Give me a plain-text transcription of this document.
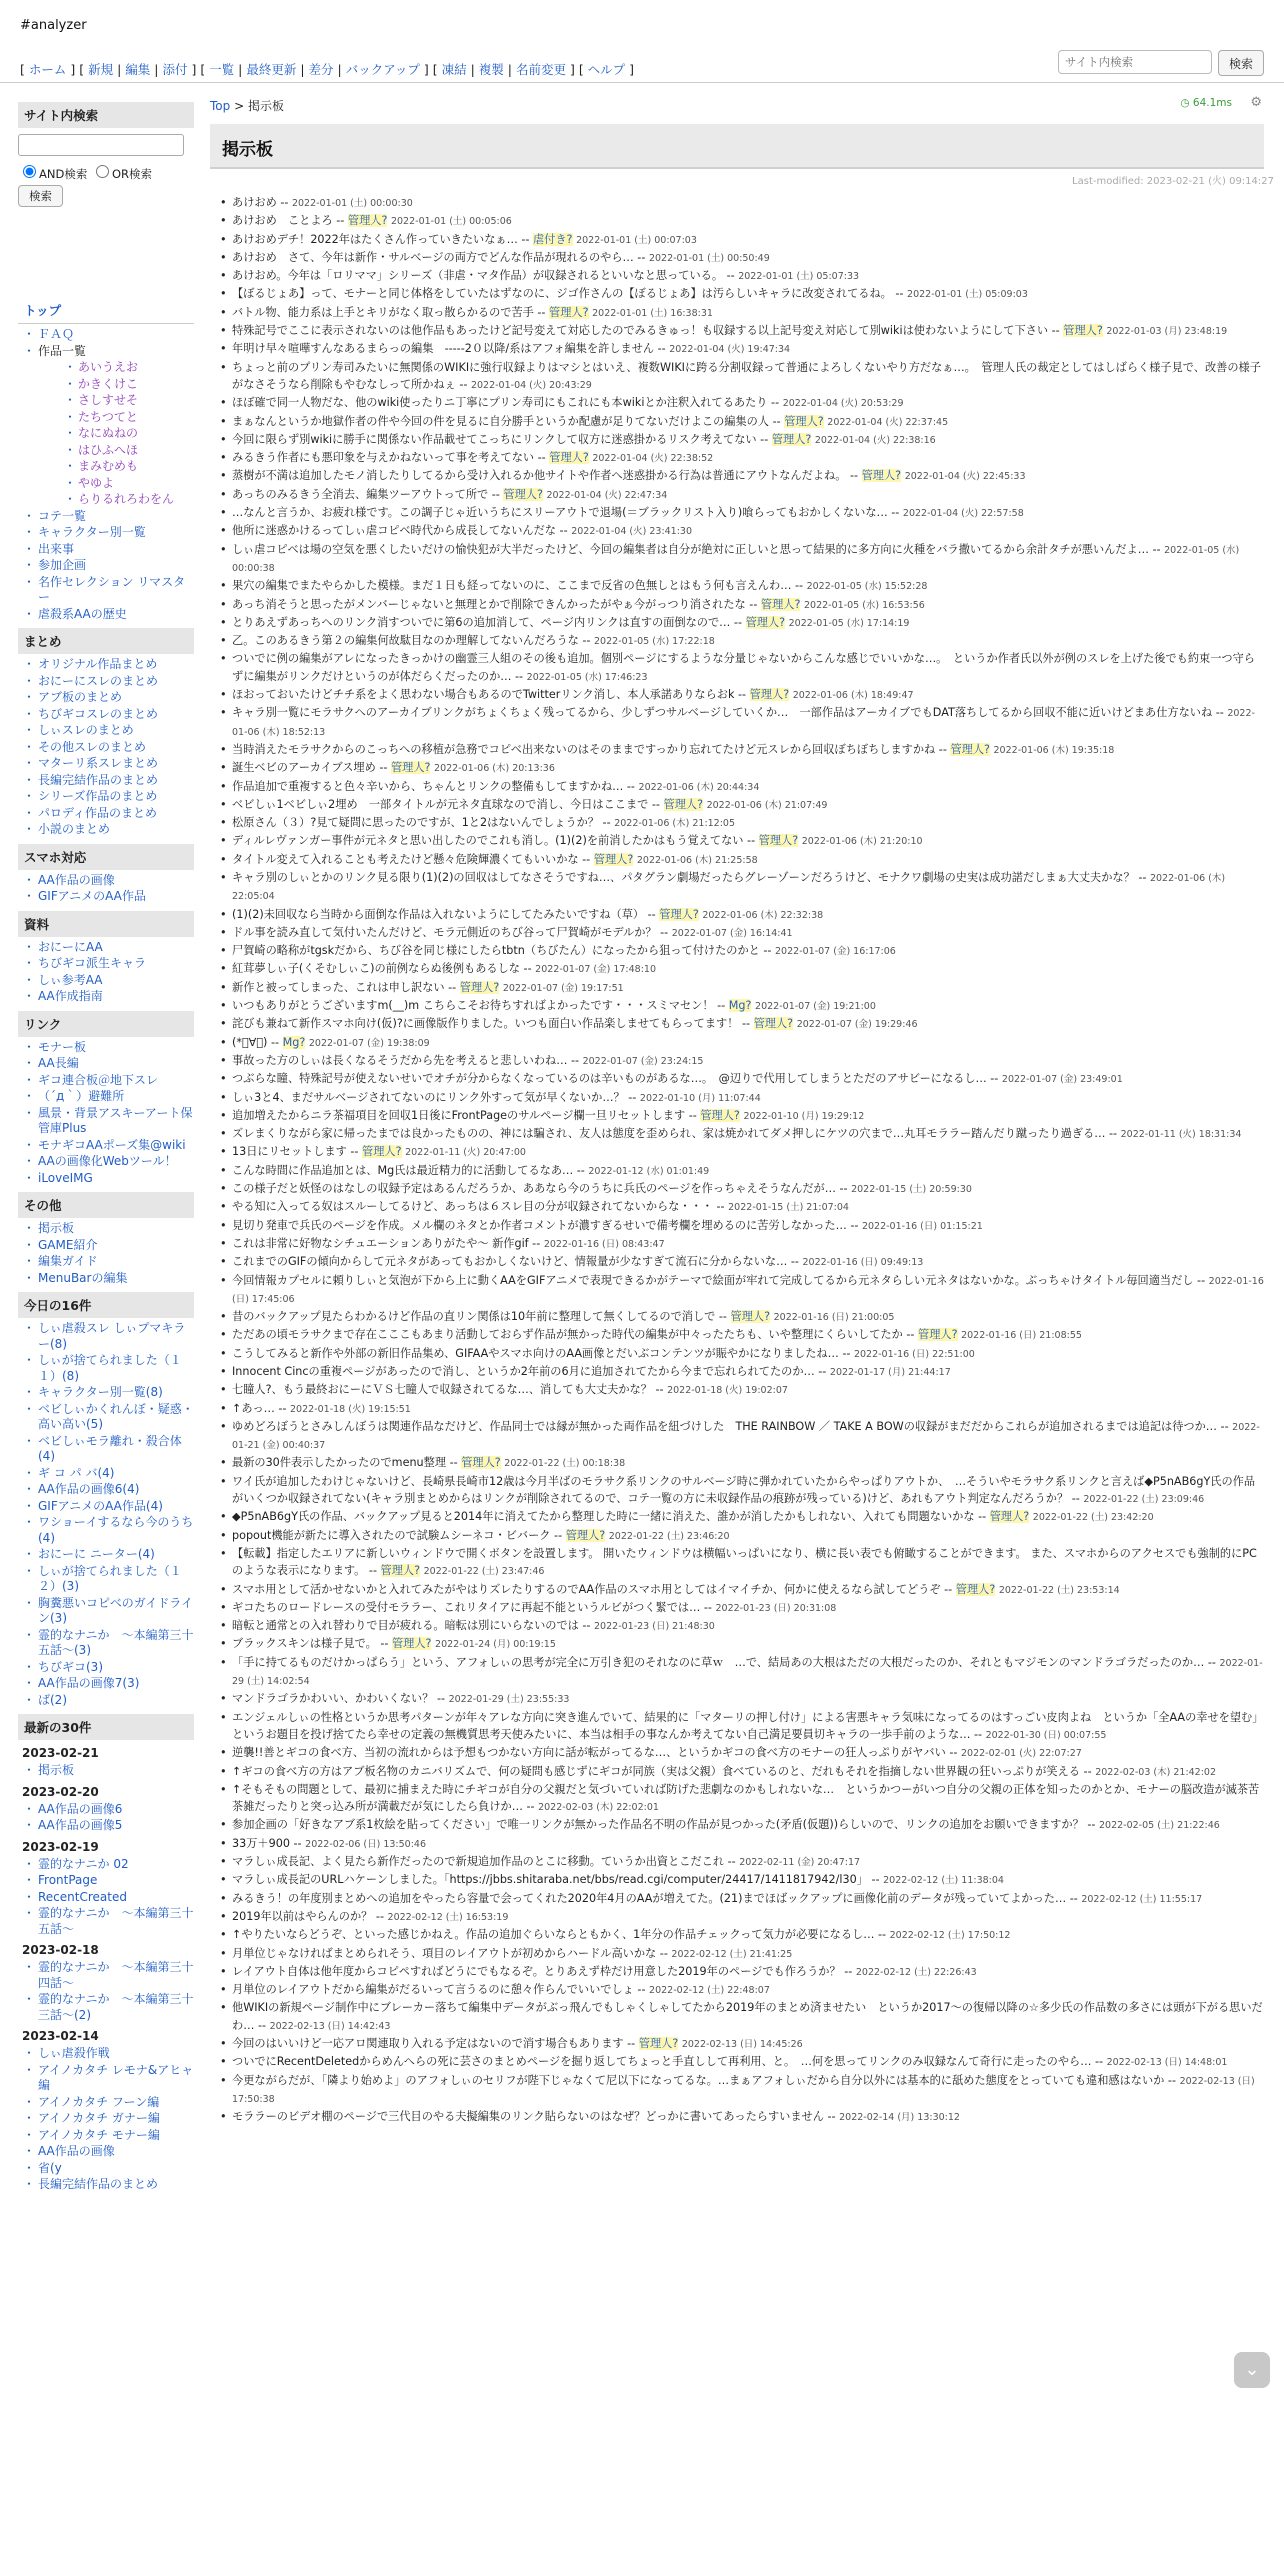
#analyzer
[ ホーム ] [ 新規 | 編集 | 添付 ] [ 一覧 | 最終更新 | 差分 | バックアップ ] [ 凍結 | 複製 | 名前変更 ] [ ヘルプ ]
サイト内検索	検索
サイト内検索
AND検索 OR検索
検索
トップ
・ ＦＡＱ
・ 作品一覧
・ あいうえお
・ かきくけこ
・ さしすせそ
・ たちつてと
・ なにぬねの
・ はひふへほ
・ まみむめも
・ やゆよ
・ らりるれろわをん
・ コテ一覧
・ キャラクター別一覧
・ 出来事
・ 参加企画
・ 名作セレクション リマスター
・ 虐殺系AAの歴史
まとめ
・ オリジナル作品まとめ
・ おにーにスレのまとめ
・ アブ板のまとめ
・ ちびギコスレのまとめ
・ しぃスレのまとめ
・ その他スレのまとめ
・ マターリ系スレまとめ
・ 長編完結作品のまとめ
・ シリーズ作品のまとめ
・ パロディ作品のまとめ
・ 小説のまとめ
スマホ対応
・ AA作品の画像
・ GIFアニメのAA作品
資料
・ おにーにAA
・ ちびギコ派生キャラ
・ しぃ参考AA
・ AA作成指南
リンク
・ モナー板
・ AA長編
・ ギコ連合板＠地下スレ
・ （´д｀）避難所
・ 風景・背景アスキーアート保管庫Plus
・ モナギコAAポーズ集@wiki
・ AAの画像化Webツール！
・ iLoveIMG
その他
・ 掲示板
・ GAME紹介
・ 編集ガイド
・ MenuBarの編集
今日の16件
・ しぃ虐殺スレ しぃプマキラー(8)
・ しぃが捨てられました（１１）(8)
・ キャラクター別一覧(8)
・ ベビしぃかくれんぼ・疑惑・高い高い(5)
・ ベビしぃモラ離れ・殺合体(4)
・ ギ コ パ バ(4)
・ AA作品の画像6(4)
・ GIFアニメのAA作品(4)
・ ワショーイするなら今のうち(4)
・ おにーに ニーター(4)
・ しぃが捨てられました（１２）(3)
・ 胸糞悪いコピベのガイドライン(3)
・ 霊的なナニか　～本編第三十五話～(3)
・ ちびギコ(3)
・ AA作品の画像7(3)
・ ば(2)
最新の30件
2023-02-21
・ 掲示板
2023-02-20
・ AA作品の画像6
・ AA作品の画像5
2023-02-19
・ 霊的なナニか 02
・ FrontPage
・ RecentCreated
・ 霊的なナニか　～本編第三十五話～
2023-02-18
・ 霊的なナニか　～本編第三十四話～
・ 霊的なナニか　～本編第三十三話～(2)
2023-02-14
・ しぃ虐殺作戦
・ アイノカタチ レモナ&アヒャ編
・ アイノカタチ フーン編
・ アイノカタチ ガナー編
・ アイノカタチ モナー編
・ AA作品の画像
・ 省(y
・ 長編完結作品のまとめ
Top > 掲示板	◷ 64.1ms ⚙
掲示板
Last-modified: 2023-02-21 (火) 09:14:27
• あけおめ -- 2022-01-01 (土) 00:00:30
• あけおめ　ことよろ -- 管理人? 2022-01-01 (土) 00:05:06
• あけおめデチ！2022年はたくさん作っていきたいなぁ… -- 虐付き? 2022-01-01 (土) 00:07:03
• あけおめ　さて、今年は新作・サルベージの両方でどんな作品が現れるのやら… -- 2022-01-01 (土) 00:50:49
• あけおめ。今年は「ロリママ」シリーズ（非虐・マタ作品）が収録されるといいなと思っている。 -- 2022-01-01 (土) 05:07:33
• 【ぼるじょあ】って、モナーと同じ体格をしていたはずなのに、ジゴ作さんの【ぼるじょあ】は汚らしいキャラに改変されてるね。 -- 2022-01-01 (土) 05:09:03
• バトル物、能力系は上手とキリがなく取っ散らかるので苦手 -- 管理人? 2022-01-01 (土) 16:38:31
• 特殊記号でここに表示されないのは他作品もあったけど記号変えて対応したのでみるきゅっ！も収録する以上記号変え対応して別wikiは使わないようにして下さい -- 管理人? 2022-01-03 (月) 23:48:19
• 年明け早々喧嘩すんなあるまらっの編集　-----2０以降/系はアフォ編集を許しません -- 2022-01-04 (火) 19:47:34
• ちょっと前のプリン寿司みたいに無関係のWIKIに強行収録よりはマシとはいえ、複数WIKIに跨る分割収録って普通によろしくないやり方だなぁ…。　管理人氏の裁定としてはしばらく様子見で、改善の様子がなさそうなら削除もやむなしって所かねぇ -- 2022-01-04 (火) 20:43:29
• ほぼ確で同一人物だな、他のwiki使ったりニ丁寧にプリン寿司にもこれにも本wikiとか注釈入れてるあたり -- 2022-01-04 (火) 20:53:29
• まぁなんというか地獄作者の件や今回の件を見るに自分勝手というか配慮が足りてないだけよこの編集の人 -- 管理人? 2022-01-04 (火) 22:37:45
• 今回に限らず別wikiに勝手に関係ない作品載せてこっちにリンクして収方に迷惑掛かるリスク考えてない -- 管理人? 2022-01-04 (火) 22:38:16
• みるきう作者にも悪印象を与えかねないって事を考えてない -- 管理人? 2022-01-04 (火) 22:38:52
• 蒸樹が不満は追加したモノ消したりしてるから受け入れるか他サイトや作者へ迷惑掛かる行為は普通にアウトなんだよね。 -- 管理人? 2022-01-04 (火) 22:45:33
• あっちのみるきう全消去、編集ツーアウトって所で -- 管理人? 2022-01-04 (火) 22:47:34
• …なんと言うか、お疲れ様です。この調子じゃ近いうちにスリーアウトで退場(＝ブラックリスト入り)喰らってもおかしくないな… -- 2022-01-04 (火) 22:57:58
• 他所に迷惑かけるってしぃ虐コピベ時代から成長してないんだな -- 2022-01-04 (火) 23:41:30
• しぃ虐コピベは場の空気を悪くしたいだけの愉快犯が大半だったけど、今回の編集者は自分が絶対に正しいと思って結果的に多方向に火種をバラ撒いてるから余計タチが悪いんだよ… -- 2022-01-05 (水) 00:00:38
• 果穴の編集でまたやらかした模様。まだ１日も経ってないのに、ここまで反省の色無しとはもう何も言えんわ… -- 2022-01-05 (水) 15:52:28
• あっち消そうと思ったがメンバーじゃないと無理とかで削除できんかったがやぁ今がっつり消されたな -- 管理人? 2022-01-05 (水) 16:53:56
• とりあえずあっちへのリンク消すついでに第6の追加消して、ページ内リンクは直すの面倒なので… -- 管理人? 2022-01-05 (水) 17:14:19
• 乙。このあるきう第２の編集何故駄目なのか理解してないんだろうな -- 2022-01-05 (水) 17:22:18
• ついでに例の編集がアレになったきっかけの幽霊三人組のその後も追加。個別ページにするような分量じゃないからこんな感じでいいかな…。　というか作者氏以外が例のスレを上げた後でも約束一つ守らずに編集がリンクだけというのが体だらくだったのか… -- 2022-01-05 (水) 17:46:23
• ほおっておいたけどチチ系をよく思わない場合もあるのでTwitterリンク消し、本人承諾ありならおk -- 管理人? 2022-01-06 (木) 18:49:47
• キャラ別一覧にモラサクへのアーカイブリンクがちょくちょく残ってるから、少しずつサルベージしていくか…　一部作品はアーカイブでもDAT落ちしてるから回収不能に近いけどまあ仕方ないね -- 2022-01-06 (木) 18:52:13
• 当時消えたモラサクからのこっちへの移植が急務でコピベ出来ないのはそのままですっかり忘れてたけど元スレから回収ぼちぼちしますかね -- 管理人? 2022-01-06 (木) 19:35:18
• 誕生ベビのアーカイブス埋め -- 管理人? 2022-01-06 (木) 20:13:36
• 作品追加で重複すると色々辛いから、ちゃんとリンクの整備もしてますかね… -- 2022-01-06 (木) 20:44:34
• ベビしぃ1ベビしぃ2埋め　一部タイトルが元ネタ直球なので消し、今日はここまで -- 管理人? 2022-01-06 (木) 21:07:49
• 松原さん（３）?見て疑問に思ったのですが、1と2はないんでしょうか？ -- 2022-01-06 (木) 21:12:05
• ディルレヴァンガー事件が元ネタと思い出したのでこれも消し。(1)(2)を前消したかはもう覚えてない -- 管理人? 2022-01-06 (木) 21:20:10
• タイトル変えて入れることも考えたけど懸々危険輝濃くてもいいかな -- 管理人? 2022-01-06 (木) 21:25:58
• キャラ別のしぃとかのリンク見る限り(1)(2)の回収はしてなさそうですね…、パタグラン劇場だったらグレーゾーンだろうけど、モナクワ劇場の史実は成功諾だしまぁ大丈夫かな？ -- 2022-01-06 (木) 22:05:04
• (1)(2)未回収なら当時から面倒な作品は入れないようにしてたみたいですね（草） -- 管理人? 2022-01-06 (木) 22:32:38
• ドル事を読み直して気付いたんだけど、モラ元側近のちび谷って尸賀崎がモデルか？ -- 2022-01-07 (金) 16:14:41
• 尸賀崎の略称がtgskだから、ちび谷を同じ様にしたらtbtn（ちびたん）になったから狙って付けたのかと -- 2022-01-07 (金) 16:17:06
• 紅茸夢しぃ子(くそむしぃこ)の前例ならぬ後例もあるしな -- 2022-01-07 (金) 17:48:10
• 新作と被ってしまった、これは申し訳ない -- 管理人? 2022-01-07 (金) 19:17:51
• いつもありがとうございますm(__)m こちらこそお待ちすればよかったです・・・スミマセン！ -- Mg? 2022-01-07 (金) 19:21:00
• 詫びも兼ねて新作スマホ向け(仮)?に画像版作りました。いつも面白い作品楽しませてもらってます！ -- 管理人? 2022-01-07 (金) 19:29:46
• (*ﾟ∀ﾟ) -- Mg? 2022-01-07 (金) 19:38:09
• 事故った方のしぃは長くなるそうだから先を考えると悲しいわね… -- 2022-01-07 (金) 23:24:15
• つぶらな瞳、特殊記号が使えないせいでオチが分からなくなっているのは辛いものがあるな…。　@辺りで代用してしまうとただのアサビーになるし… -- 2022-01-07 (金) 23:49:01
• しぃ3と4、まだサルベージされてないのにリンク外すって気が早くないか…？ -- 2022-01-10 (月) 11:07:44
• 追加増えたからニラ茶福項目を回収1日後にFrontPageのサルページ欄一旦リセットします -- 管理人? 2022-01-10 (月) 19:29:12
• ズレまくりながら家に帰ったまでは良かったものの、神には騙され、友人は態度を歪められ、家は焼かれてダメ押しにケツの穴まで…丸耳モララー踏んだり蹴ったり過ぎる… -- 2022-01-11 (火) 18:31:34
• 13日にリセットします -- 管理人? 2022-01-11 (火) 20:47:00
• こんな時間に作品追加とは、Mg氏は最近精力的に活動してるなあ… -- 2022-01-12 (水) 01:01:49
• この様子だと妖怪のはなしの収録予定はあるんだろうか、ああなら今のうちに兵氏のページを作っちゃえそうなんだが… -- 2022-01-15 (土) 20:59:30
• やる知に入ってる奴はスルーしてるけど、あっちは６スレ目の分が収録されてないからな・・・ -- 2022-01-15 (土) 21:07:04
• 見切り発車で兵氏のページを作成。メル欄のネタとか作者コメントが濃すぎるせいで備考欄を埋めるのに苦労しなかった… -- 2022-01-16 (日) 01:15:21
• これは非常に好物なシチュエーションありがたや～ 新作gif -- 2022-01-16 (日) 08:43:47
• これまでのGIFの傾向からして元ネタがあってもおかしくないけど、情報量が少なすぎて流石に分からないな… -- 2022-01-16 (日) 09:49:13
• 今回情報カプセルに頼りしぃと気泡が下から上に動くAAをGIFアニメで表現できるかがテーマで絵面が牢れて完成してるから元ネタらしい元ネタはないかな。ぶっちゃけタイトル毎回適当だし -- 2022-01-16 (日) 17:45:06
• 昔のバックアップ見たらわかるけど作品の直リン関係は10年前に整理して無くしてるので消しで -- 管理人? 2022-01-16 (日) 21:00:05
• ただあの頃モラサクまで存在こここもあまり活動しておらず作品が無かった時代の編集が中々ったたちも、いや整理にくらいしてたか -- 管理人? 2022-01-16 (日) 21:08:55
• こうしてみると新作や外部の新旧作品集め、GIFAAやスマホ向けのAA画像とだいぶコンテンツが賑やかになりましたね… -- 2022-01-16 (日) 22:51:00
• Innocent Cincの重複ページがあったので消し、というか2年前の6月に追加されてたから今まで忘れられてたのか… -- 2022-01-17 (月) 21:44:17
• 七瞳人?、もう最終おにーにＶＳ七瞳人で収録されてるな…、消しても大丈夫かな？ -- 2022-01-18 (火) 19:02:07
• ↑あっ… -- 2022-01-18 (火) 19:15:51
• ゆめどろぼうとさみしんぼうは関連作品なだけど、作品同士では縁が無かった両作品を紐づけした　THE RAINBOW ／ TAKE A BOWの収録がまだだからこれらが追加されるまでは追記は待つか… -- 2022-01-21 (金) 00:40:37
• 最新の30件表示したかったのでmenu整理 -- 管理人? 2022-01-22 (土) 00:18:38
• ワイ氏が追加したわけじゃないけど、長崎県長崎市12歳は今月半ばのモラサク系リンクのサルベージ時に弾かれていたからやっぱりアウトか、　…そういやモラサク系リンクと言えば◆P5nAB6gY氏の作品がいくつか収録されてない(キャラ別まとめからはリンクが削除されてるので、コテ一覧の方に未収録作品の痕跡が残っている)けど、あれもアウト判定なんだろうか？ -- 2022-01-22 (土) 23:09:46
• ◆P5nAB6gY氏の作品、バックアップ見ると2014年に消えてたから整理した時に一緒に消えた、誰かが消したかもしれない、入れても問題ないかな -- 管理人? 2022-01-22 (土) 23:42:20
• popout機能が新たに導入されたので試験ムシーネコ・ビバーク -- 管理人? 2022-01-22 (土) 23:46:20
• 【転載】指定したエリアに新しいウィンドウで開くボタンを設置します。 開いたウィンドウは横幅いっぱいになり、横に長い表でも俯瞰することができます。 また、スマホからのアクセスでも強制的にPCのような表示になります。 -- 管理人? 2022-01-22 (土) 23:47:46
• スマホ用として活かせないかと入れてみたがやはりズレたりするのでAA作品のスマホ用としてはイマイチか、何かに使えるなら試してどうぞ -- 管理人? 2022-01-22 (土) 23:53:14
• ギコたちのロードレースの受付モララー、これリタイアに再起不能というルビがつく緊では… -- 2022-01-23 (日) 20:31:08
• 暗転と通常との入れ替わりで目が疲れる。暗転は別にいらないのでは -- 2022-01-23 (日) 21:48:30
• ブラックスキンは様子見で。 -- 管理人? 2022-01-24 (月) 00:19:15
• 「手に持てるものだけかっぱらう」という、アフォしぃの思考が完全に万引き犯のそれなのに草ｗ　…で、結局あの大根はただの大根だったのか、それともマジモンのマンドラゴラだったのか… -- 2022-01-29 (土) 14:02:54
• マンドラゴラかわいい、かわいくない？ -- 2022-01-29 (土) 23:55:33
• エンジェルしぃの性格というか思考パターンが年々アレな方向に突き進んでいて、結果的に「マターリの押し付け」による害悪キャラ気味になってるのはすっごい皮肉よね　というか「全AAの幸せを望む」というお題目を投げ捨てたら幸せの定義の無機質思考天使みたいに、本当は相手の事なんか考えてない自己満足要員切キャラの一歩手前のような… -- 2022-01-30 (日) 00:07:55
• 逆襲!!善とギコの食べ方、当初の流れからは予想もつかない方向に話が転がってるな…、というかギコの食べ方のモナーの狂人っぷりがヤバい -- 2022-02-01 (火) 22:07:27
• ↑ギコの食べ方の方はアブ板名物のカニバリズムで、何の疑問も感じずにギコが同族（実は父親）食べているのと、だれもそれを指摘しない世界観の狂いっぷりが笑える -- 2022-02-03 (木) 21:42:02
• ↑そもそもの問題として、最初に捕まえた時にチギコが自分の父親だと気づいていれば防げた悲劇なのかもしれないな…　というかつーがいつ自分の父親の正体を知ったのかとか、モナーの脳改造が滅茶苦茶雑だったりと突っ込み所が満載だが気にしたら負けか… -- 2022-02-03 (木) 22:02:01
• 参加企画の「好きなアブ系1枚絵を貼ってください」で唯一リンクが無かった作品名不明の作品が見つかった(矛盾(仮題))らしいので、リンクの追加をお願いできますか？ -- 2022-02-05 (土) 21:22:46
• 33万＋900 -- 2022-02-06 (日) 13:50:46
• マラしぃ成長記、よく見たら新作だったので新規追加作品のとこに移動。ていうか出資とこだこれ -- 2022-02-11 (金) 20:47:17
• マラしぃ成長記のURLハケーンしました。「https://jbbs.shitaraba.net/bbs/read.cgi/computer/24417/1411817942/l30」 -- 2022-02-12 (土) 11:38:04
• みるきう！の年度別まとめへの追加をやったら容量で会ってくれた2020年4月のAAが増えてた。(21)までほばックアップに画像化前のデータが残っていてよかった… -- 2022-02-12 (土) 11:55:17
• 2019年以前はやらんのか？ -- 2022-02-12 (土) 16:53:19
• ↑やりたいならどうぞ、といった感じかねえ。作品の追加ぐらいならともかく、1年分の作品チェックって気力が必要になるし… -- 2022-02-12 (土) 17:50:12
• 月単位じゃなければまとめられそう、項目のレイアウトが初めからハードル高いかな -- 2022-02-12 (土) 21:41:25
• レイアウト自体は他年度からコピペすればどうにでもなるぞ。とりあえず枠だけ用意した2019年のページでも作ろうか？ -- 2022-02-12 (土) 22:26:43
• 月単位のレイアウトだから編集がだるいって言うるのに憩々作らんでいいでしょ -- 2022-02-12 (土) 22:48:07
• 他WIKIの新規ページ制作中にブレーカー落ちて編集中データがぶっ飛んでもしゃくしゃしてたから2019年のまとめ済ませたい　というか2017～の復帰以降の☆多少氏の作品数の多さには頭が下がる思いだわ… -- 2022-02-13 (日) 14:42:43
• 今回のはいいけど一応アロ関連取り入れる予定はないので消す場合もあります -- 管理人? 2022-02-13 (日) 14:45:26
• ついでにRecentDeletedからめんへらの死に芸さのまとめページを掘り返してちょっと手直しして再利用、と。　…何を思ってリンクのみ収録なんて奇行に走ったのやら… -- 2022-02-13 (日) 14:48:01
• 今更ながらだが、「隣より始めよ」のアフォしぃのセリフが陛下じゃなくて尼以下になってるな。…まぁアフォしぃだから自分以外には基本的に舐めた態度をとっていても違和感はないか -- 2022-02-13 (日) 17:50:38
• モララーのビデオ棚のページで三代目のやる夫擬編集のリンク貼らないのはなぜ？どっかに書いてあったらすいません -- 2022-02-14 (月) 13:30:12
⌄
